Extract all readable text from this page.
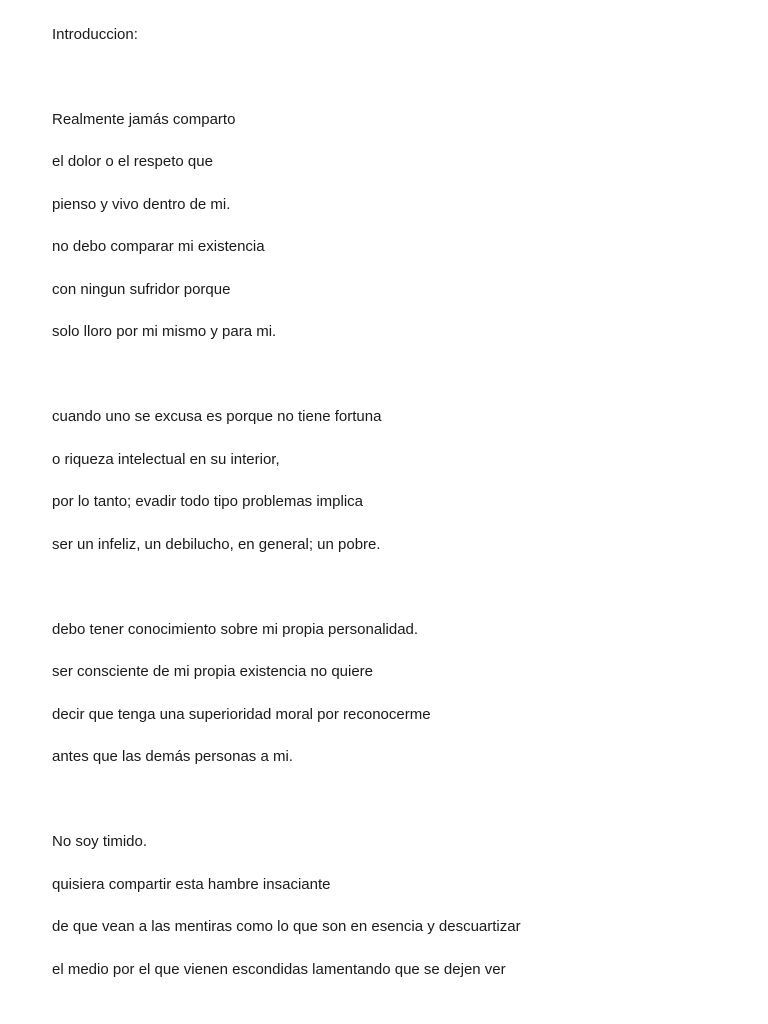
Introduccion:

Realmente jamás comparto

el dolor o el respeto que

pienso y vivo dentro de mi.

no debo comparar mi existencia

con ningun sufridor porque

solo lloro por mi mismo y para mi.

cuando uno se excusa es porque no tiene fortuna

o riqueza intelectual en su interior,

por lo tanto; evadir todo tipo problemas implica

ser un infeliz, un debilucho, en general; un pobre.

debo tener conocimiento sobre mi propia personalidad.

ser consciente de mi propia existencia no quiere

decir que tenga una superioridad moral por reconocerme

antes que las demás personas a mi.

No soy timido.

quisiera compartir esta hambre insaciante

de que vean a las mentiras como lo que son en esencia y descuartizar

el medio por el que vienen escondidas lamentando que se dejen ver
